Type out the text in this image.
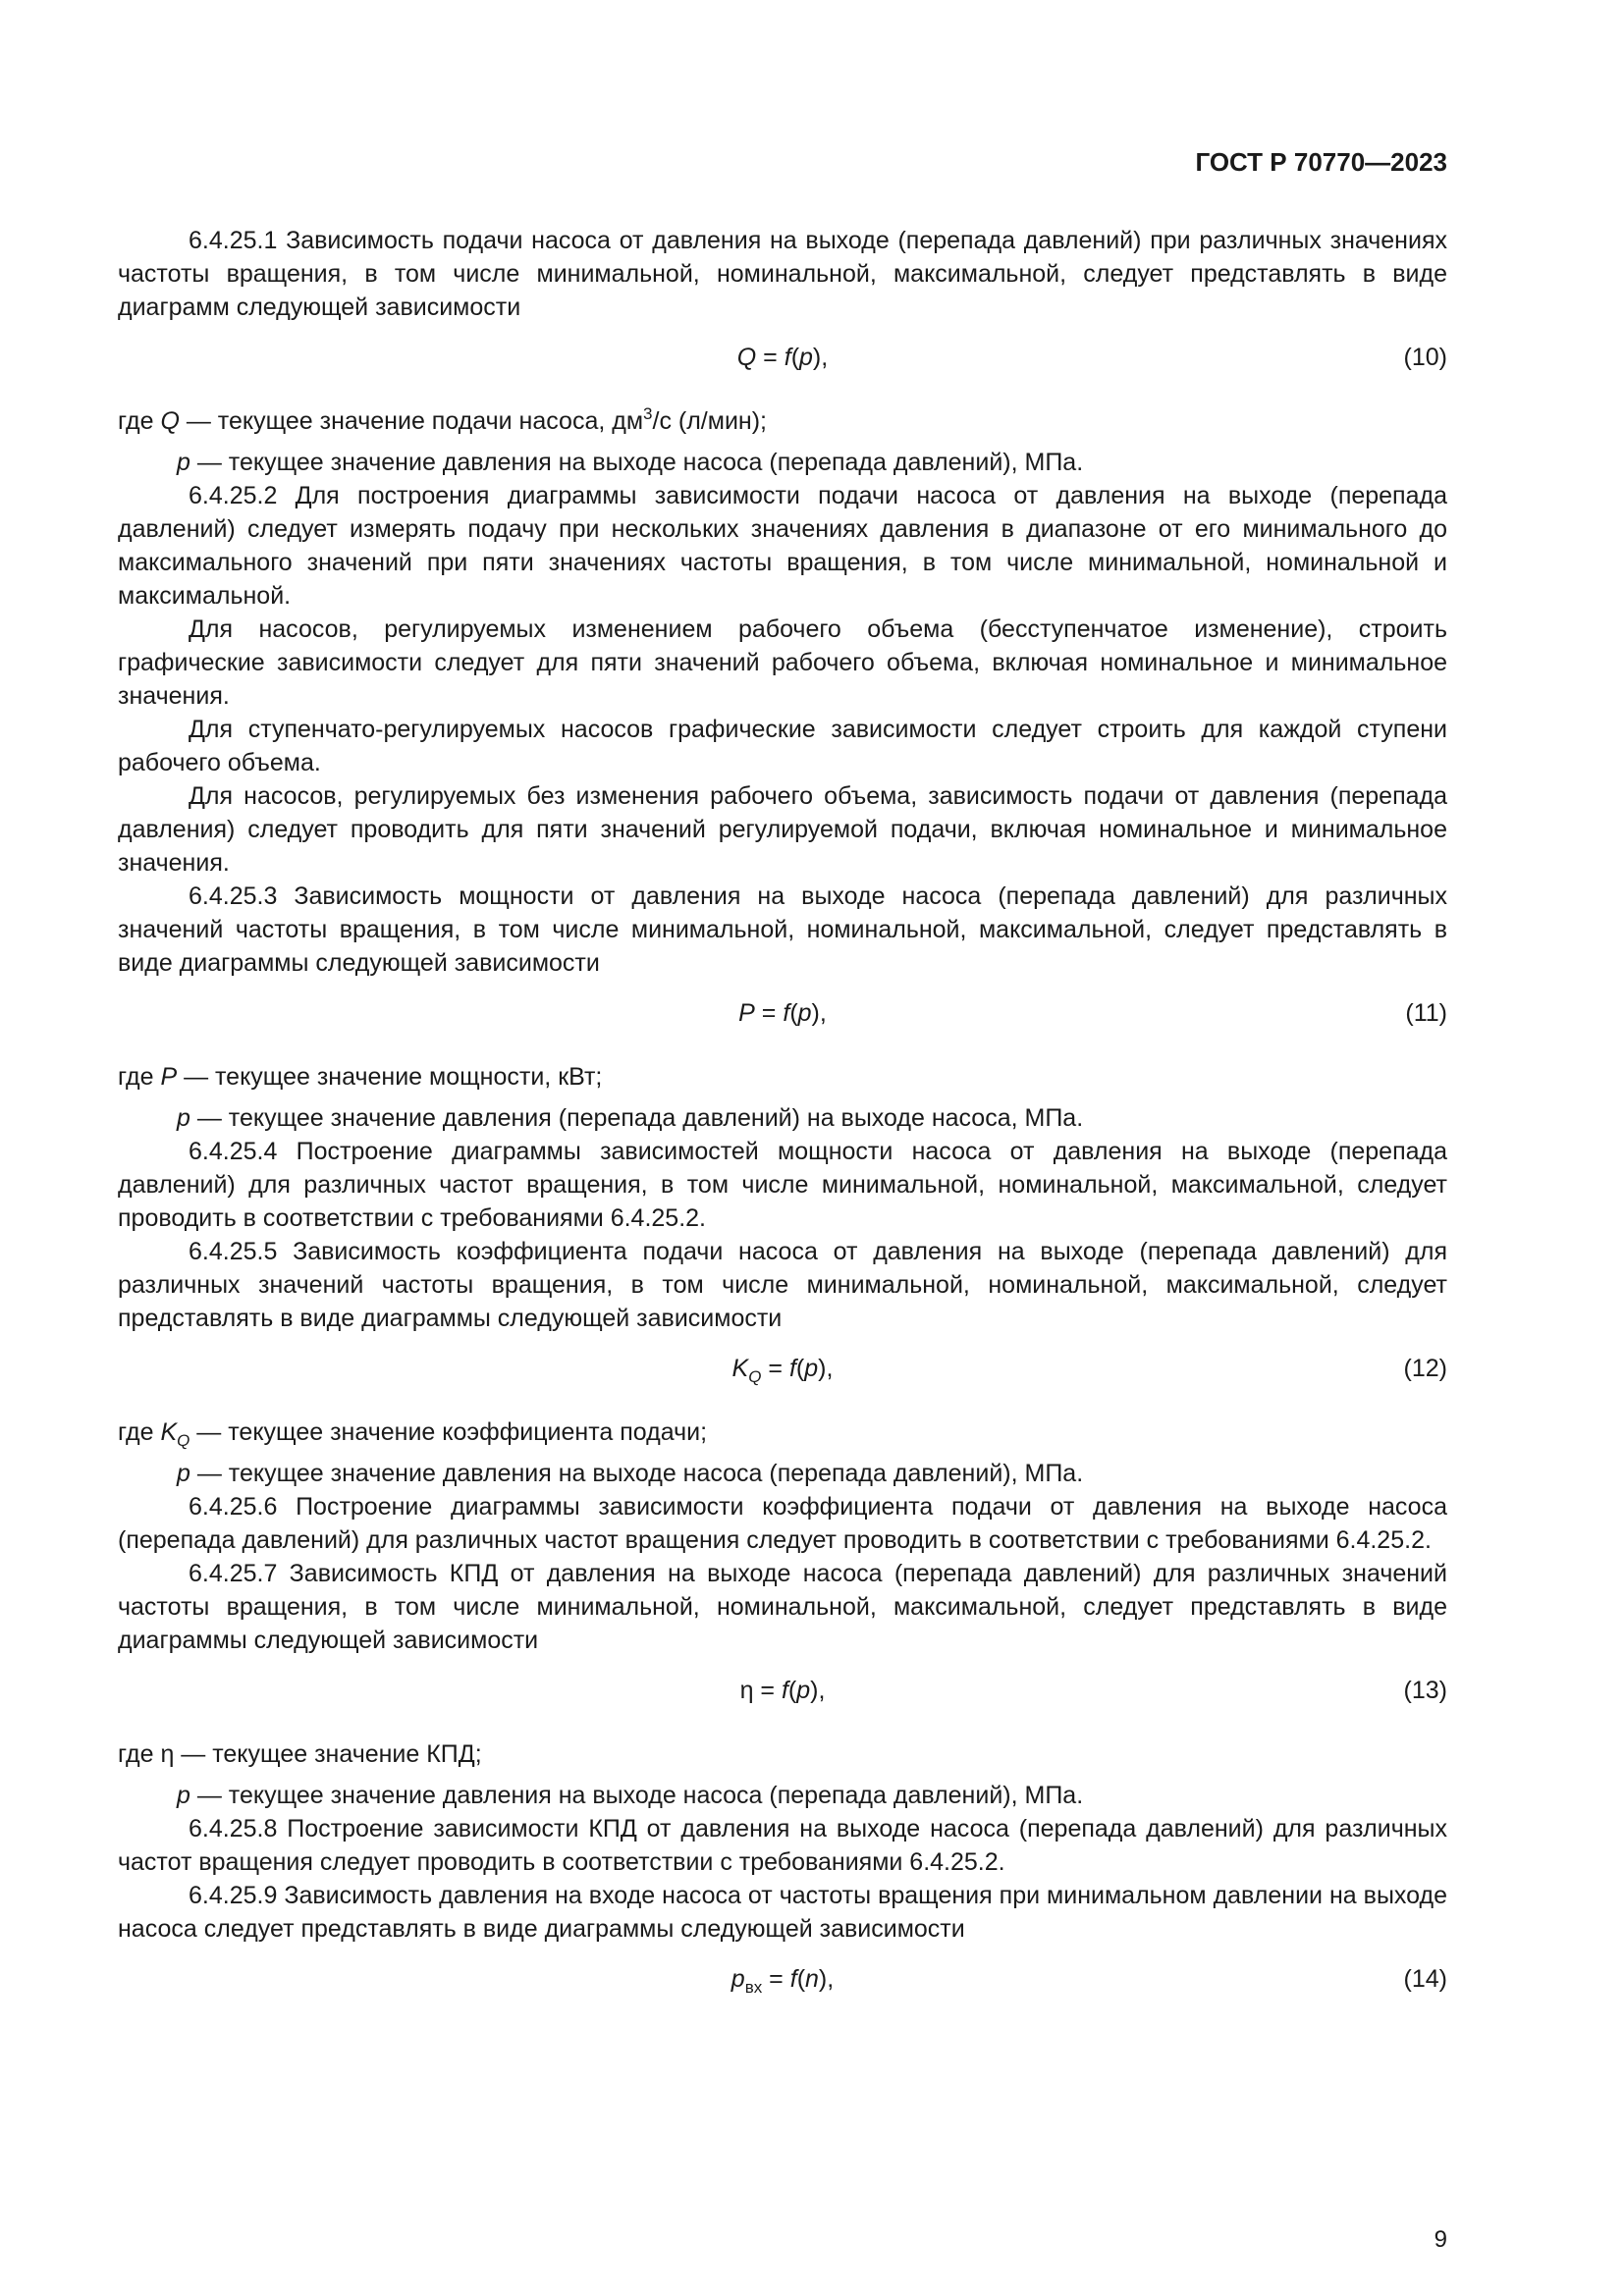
ГОСТ Р 70770—2023

6.4.25.1 Зависимость подачи насоса от давления на выходе (перепада давлений) при различных значениях частоты вращения, в том числе минимальной, номинальной, максимальной, следует представлять в виде диаграмм следующей зависимости

Q = f(p),	(10)

где Q — текущее значение подачи насоса, $дм^3/с$ (л/мин);

p — текущее значение давления на выходе насоса (перепада давлений), МПа.

6.4.25.2 Для построения диаграммы зависимости подачи насоса от давления на выходе (перепада давлений) следует измерять подачу при нескольких значениях давления в диапазоне от его минимального до максимального значений при пяти значениях частоты вращения, в том числе минимальной, номинальной и максимальной.

Для насосов, регулируемых изменением рабочего объема (бесступенчатое изменение), строить графические зависимости следует для пяти значений рабочего объема, включая номинальное и минимальное значения.

Для ступенчато-регулируемых насосов графические зависимости следует строить для каждой ступени рабочего объема.

Для насосов, регулируемых без изменения рабочего объема, зависимость подачи от давления (перепада давления) следует проводить для пяти значений регулируемой подачи, включая номинальное и минимальное значения.

6.4.25.3 Зависимость мощности от давления на выходе насоса (перепада давлений) для различных значений частоты вращения, в том числе минимальной, номинальной, максимальной, следует представлять в виде диаграммы следующей зависимости

P = f(p),	(11)

где P — текущее значение мощности, кВт;

p — текущее значение давления (перепада давлений) на выходе насоса, МПа.

6.4.25.4 Построение диаграммы зависимостей мощности насоса от давления на выходе (перепада давлений) для различных частот вращения, в том числе минимальной, номинальной, максимальной, следует проводить в соответствии с требованиями 6.4.25.2.

6.4.25.5 Зависимость коэффициента подачи насоса от давления на выходе (перепада давлений) для различных значений частоты вращения, в том числе минимальной, номинальной, максимальной, следует представлять в виде диаграммы следующей зависимости

$K_Q = f(p)$,	(12)

где $K_Q$ — текущее значение коэффициента подачи;

p — текущее значение давления на выходе насоса (перепада давлений), МПа.

6.4.25.6 Построение диаграммы зависимости коэффициента подачи от давления на выходе насоса (перепада давлений) для различных частот вращения следует проводить в соответствии с требованиями 6.4.25.2.

6.4.25.7 Зависимость КПД от давления на выходе насоса (перепада давлений) для различных значений частоты вращения, в том числе минимальной, номинальной, максимальной, следует представлять в виде диаграммы следующей зависимости

η = f(p),	(13)

где η — текущее значение КПД;

p — текущее значение давления на выходе насоса (перепада давлений), МПа.

6.4.25.8 Построение зависимости КПД от давления на выходе насоса (перепада давлений) для различных частот вращения следует проводить в соответствии с требованиями 6.4.25.2.

6.4.25.9 Зависимость давления на входе насоса от частоты вращения при минимальном давлении на выходе насоса следует представлять в виде диаграммы следующей зависимости

$p_{вх} = f(n)$,	(14)
9
